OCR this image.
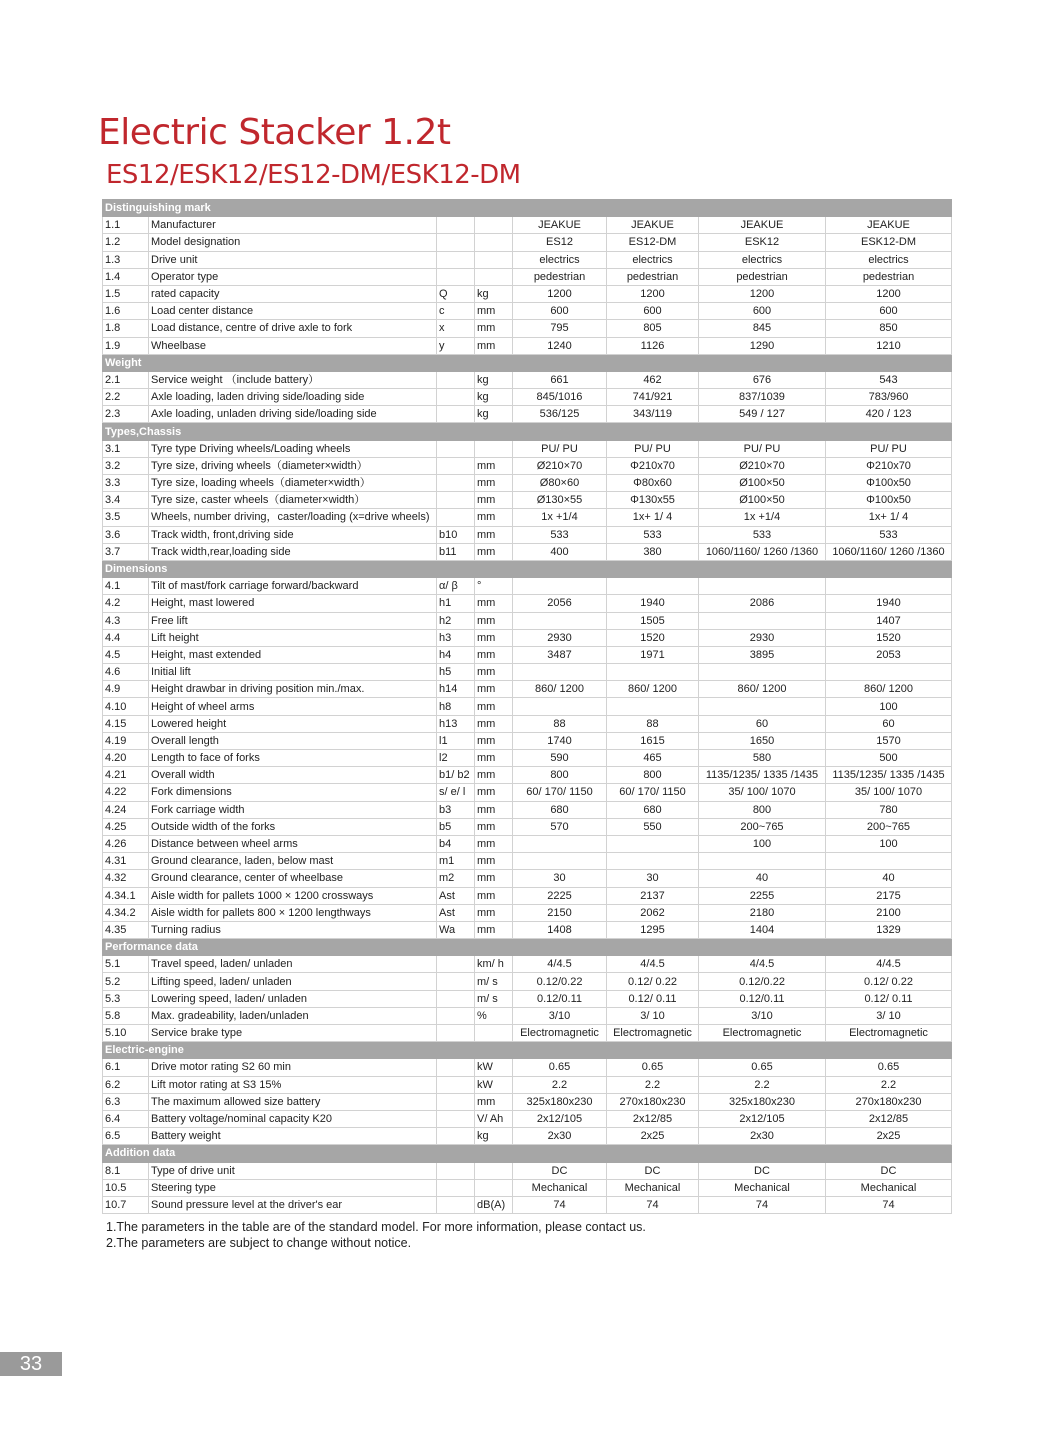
Electric Stacker 1.2t
ES12/ESK12/ES12-DM/ESK12-DM
Distinguishing mark							
1.1	Manufacturer			JEAKUE	JEAKUE	JEAKUE	JEAKUE
1.2	Model designation			ES12	ES12-DM	ESK12	ESK12-DM
1.3	Drive unit			electrics	electrics	electrics	electrics
1.4	Operator type			pedestrian	pedestrian	pedestrian	pedestrian
1.5	rated capacity	Q	kg	1200	1200	1200	1200
1.6	Load center distance	c	mm	600	600	600	600
1.8	Load distance, centre of drive axle to fork	x	mm	795	805	845	850
1.9	Wheelbase	y	mm	1240	1126	1290	1210
Weight							
2.1	Service weight （include battery）		kg	661	462	676	543
2.2	Axle loading, laden driving side/loading side		kg	845/1016	741/921	837/1039	783/960
2.3	Axle loading, unladen driving side/loading side		kg	536/125	343/119	549 / 127	420 / 123
Types,Chassis							
3.1	Tyre type Driving wheels/Loading wheels			PU/ PU	PU/ PU	PU/ PU	PU/ PU
3.2	Tyre size, driving wheels（diameter×width）		mm	Ø210×70	Φ210x70	Ø210×70	Φ210x70
3.3	Tyre size, loading wheels（diameter×width）		mm	Ø80×60	Φ80x60	Ø100×50	Φ100x50
3.4	Tyre size, caster wheels（diameter×width）		mm	Ø130×55	Φ130x55	Ø100×50	Φ100x50
3.5	Wheels, number driving，caster/loading (x=drive wheels)		mm	1x +1/4	1x+ 1/ 4	1x +1/4	1x+ 1/ 4
3.6	Track width, front,driving side	b10	mm	533	533	533	533
3.7	Track width,rear,loading side	b11	mm	400	380	1060/1160/ 1260 /1360	1060/1160/ 1260 /1360
Dimensions							
4.1	Tilt of mast/fork carriage forward/backward	α/ β	°				
4.2	Height, mast lowered	h1	mm	2056	1940	2086	1940
4.3	Free lift	h2	mm		1505		1407
4.4	Lift height	h3	mm	2930	1520	2930	1520
4.5	Height, mast extended	h4	mm	3487	1971	3895	2053
4.6	Initial lift	h5	mm				
4.9	Height drawbar in driving position min./max.	h14	mm	860/ 1200	860/ 1200	860/ 1200	860/ 1200
4.10	Height of wheel arms	h8	mm				100
4.15	Lowered height	h13	mm	88	88	60	60
4.19	Overall length	l1	mm	1740	1615	1650	1570
4.20	Length to face of forks	l2	mm	590	465	580	500
4.21	Overall width	b1/ b2	mm	800	800	1135/1235/ 1335 /1435	1135/1235/ 1335 /1435
4.22	Fork dimensions	s/ e/ l	mm	60/ 170/ 1150	60/ 170/ 1150	35/ 100/ 1070	35/ 100/ 1070
4.24	Fork carriage width	b3	mm	680	680	800	780
4.25	Outside width of the forks	b5	mm	570	550	200~765	200~765
4.26	Distance between wheel arms	b4	mm			100	100
4.31	Ground clearance, laden, below mast	m1	mm				
4.32	Ground clearance, center of wheelbase	m2	mm	30	30	40	40
4.34.1	Aisle width for pallets 1000 × 1200 crossways	Ast	mm	2225	2137	2255	2175
4.34.2	Aisle width for pallets 800 × 1200 lengthways	Ast	mm	2150	2062	2180	2100
4.35	Turning radius	Wa	mm	1408	1295	1404	1329
Performance data							
5.1	Travel speed, laden/ unladen		km/ h	4/4.5	4/4.5	4/4.5	4/4.5
5.2	Lifting speed, laden/ unladen		m/ s	0.12/0.22	0.12/ 0.22	0.12/0.22	0.12/ 0.22
5.3	Lowering speed, laden/ unladen		m/ s	0.12/0.11	0.12/ 0.11	0.12/0.11	0.12/ 0.11
5.8	Max. gradeability, laden/unladen		%	3/10	3/ 10	3/10	3/ 10
5.10	Service brake type			Electromagnetic	Electromagnetic	Electromagnetic	Electromagnetic
Electric-engine							
6.1	Drive motor rating S2 60 min		kW	0.65	0.65	0.65	0.65
6.2	Lift motor rating at S3 15%		kW	2.2	2.2	2.2	2.2
6.3	The maximum allowed size battery		mm	325x180x230	270x180x230	325x180x230	270x180x230
6.4	Battery voltage/nominal capacity K20		V/ Ah	2x12/105	2x12/85	2x12/105	2x12/85
6.5	Battery weight		kg	2x30	2x25	2x30	2x25
Addition data							
8.1	Type of drive unit			DC	DC	DC	DC
10.5	Steering type			Mechanical	Mechanical	Mechanical	Mechanical
10.7	Sound pressure level at the driver's ear		dB(A)	74	74	74	74
1.The parameters in the table are of the standard model. For more information, please contact us.
2.The parameters are subject to change without notice.
33
